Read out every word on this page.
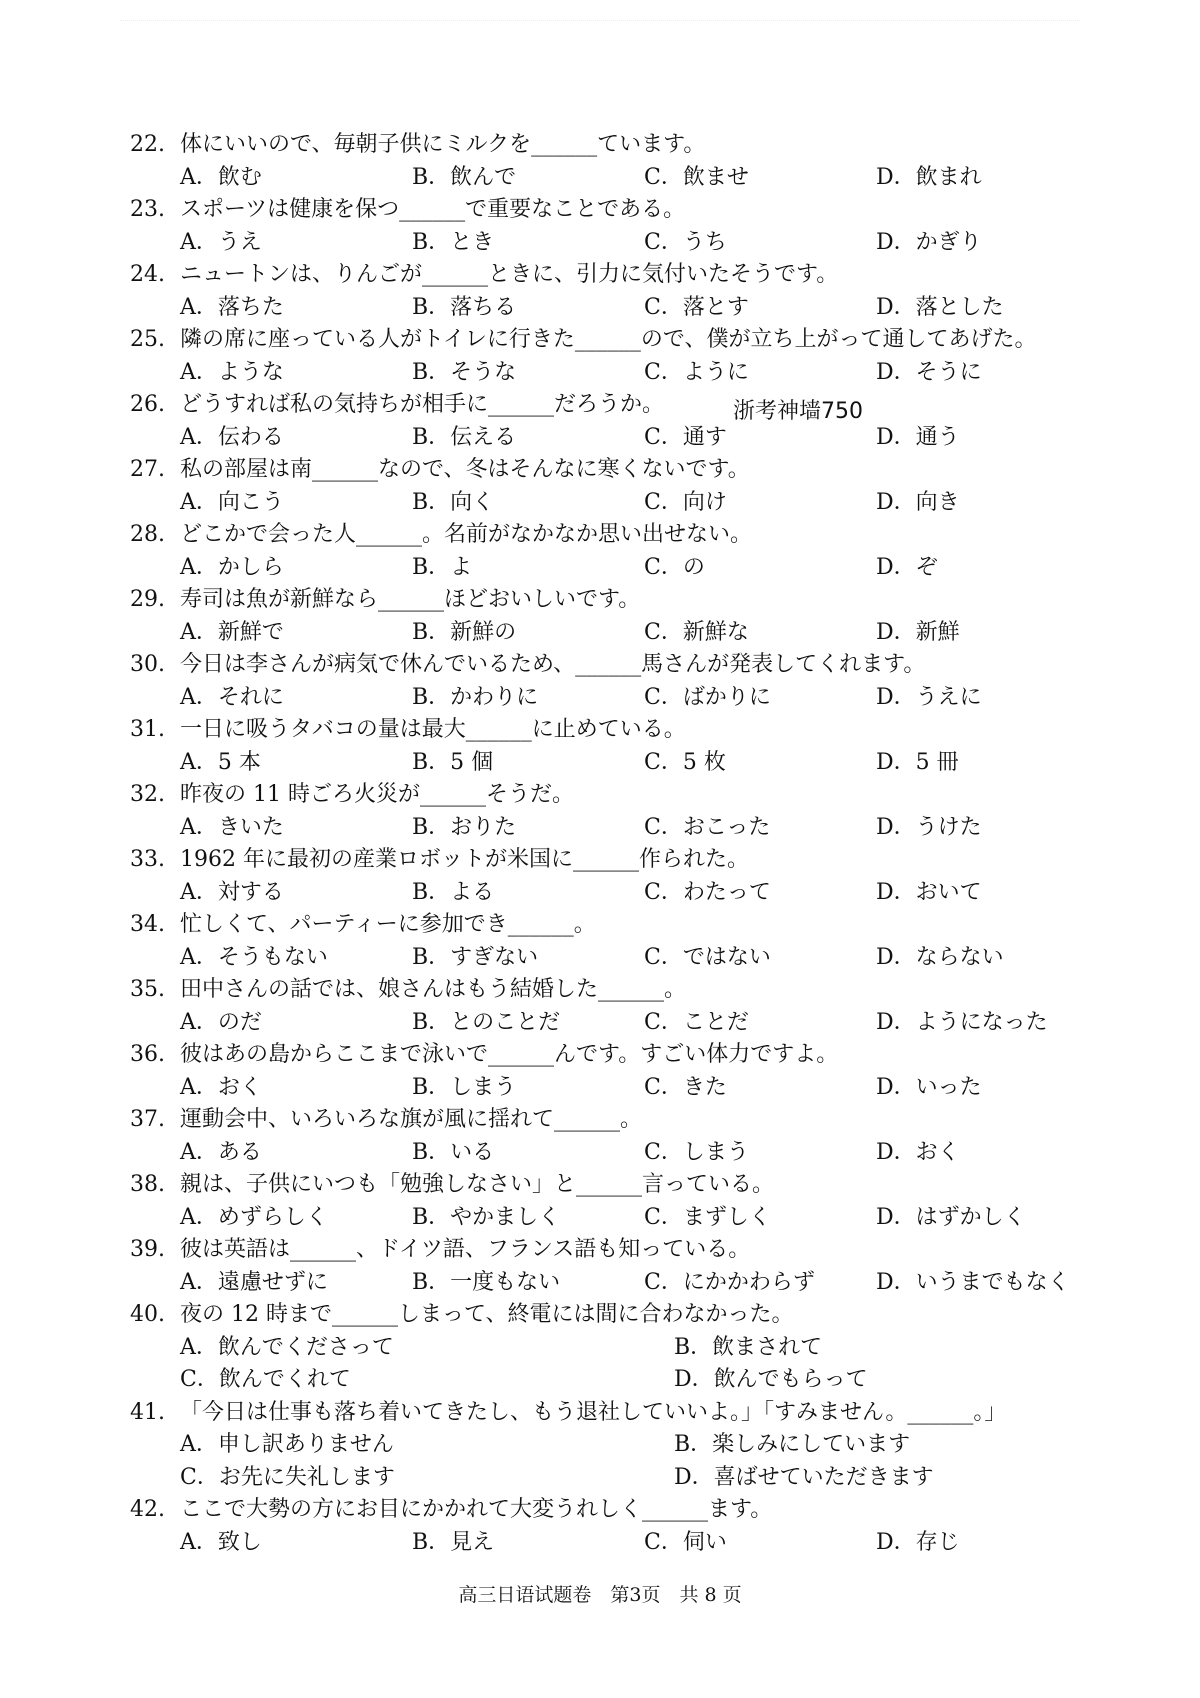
22. 体にいいので、毎朝子供にミルクを______ています。
A．飲む	B．飲んで	C．飲ませ	D．飲まれ
23. スポーツは健康を保つ______で重要なことである。
A．うえ	B．とき	C．うち	D．かぎり
24. ニュートンは、りんごが______ときに、引力に気付いたそうです。
A．落ちた	B．落ちる	C．落とす	D．落とした
25. 隣の席に座っている人がトイレに行きた______ので、僕が立ち上がって通してあげた。
A．ような	B．そうな	C．ように	D．そうに
26. どうすれば私の気持ちが相手に______だろうか。
A．伝わる	B．伝える	C．通す	D．通う
27. 私の部屋は南______なので、冬はそんなに寒くないです。
A．向こう	B．向く	C．向け	D．向き
28. どこかで会った人______。名前がなかなか思い出せない。
A．かしら	B．よ	C．の	D．ぞ
29. 寿司は魚が新鮮なら______ほどおいしいです。
A．新鮮で	B．新鮮の	C．新鮮な	D．新鮮
30. 今日は李さんが病気で休んでいるため、______馬さんが発表してくれます。
A．それに	B．かわりに	C．ばかりに	D．うえに
31. 一日に吸うタバコの量は最大______に止めている。
A．5 本	B．5 個	C．5 枚	D．5 冊
32. 昨夜の 11 時ごろ火災が______そうだ。
A．きいた	B．おりた	C．おこった	D．うけた
33. 1962 年に最初の産業ロボットが米国に______作られた。
A．対する	B．よる	C．わたって	D．おいて
34. 忙しくて、パーティーに参加でき______。
A．そうもない	B．すぎない	C．ではない	D．ならない
35. 田中さんの話では、娘さんはもう結婚した______。
A．のだ	B．とのことだ	C．ことだ	D．ようになった
36. 彼はあの島からここまで泳いで______んです。すごい体力ですよ。
A．おく	B．しまう	C．きた	D．いった
37. 運動会中、いろいろな旗が風に揺れて______。
A．ある	B．いる	C．しまう	D．おく
38. 親は、子供にいつも「勉強しなさい」と______言っている。
A．めずらしく	B．やかましく	C．まずしく	D．はずかしく
39. 彼は英語は______、ドイツ語、フランス語も知っている。
A．遠慮せずに	B．一度もない	C．にかかわらず	D．いうまでもなく
40. 夜の 12 時まで______しまって、終電には間に合わなかった。
A．飲んでくださって	B．飲まされて
C．飲んでくれて	D．飲んでもらって
41. 「今日は仕事も落ち着いてきたし、もう退社していいよ。」「すみません。______。」
A．申し訳ありません	B．楽しみにしています
C．お先に失礼します	D．喜ばせていただきます
42. ここで大勢の方にお目にかかれて大変うれしく______ます。
A．致し	B．見え	C．伺い	D．存じ
浙考神墙750
高三日语试题卷　第3页　共 8 页
